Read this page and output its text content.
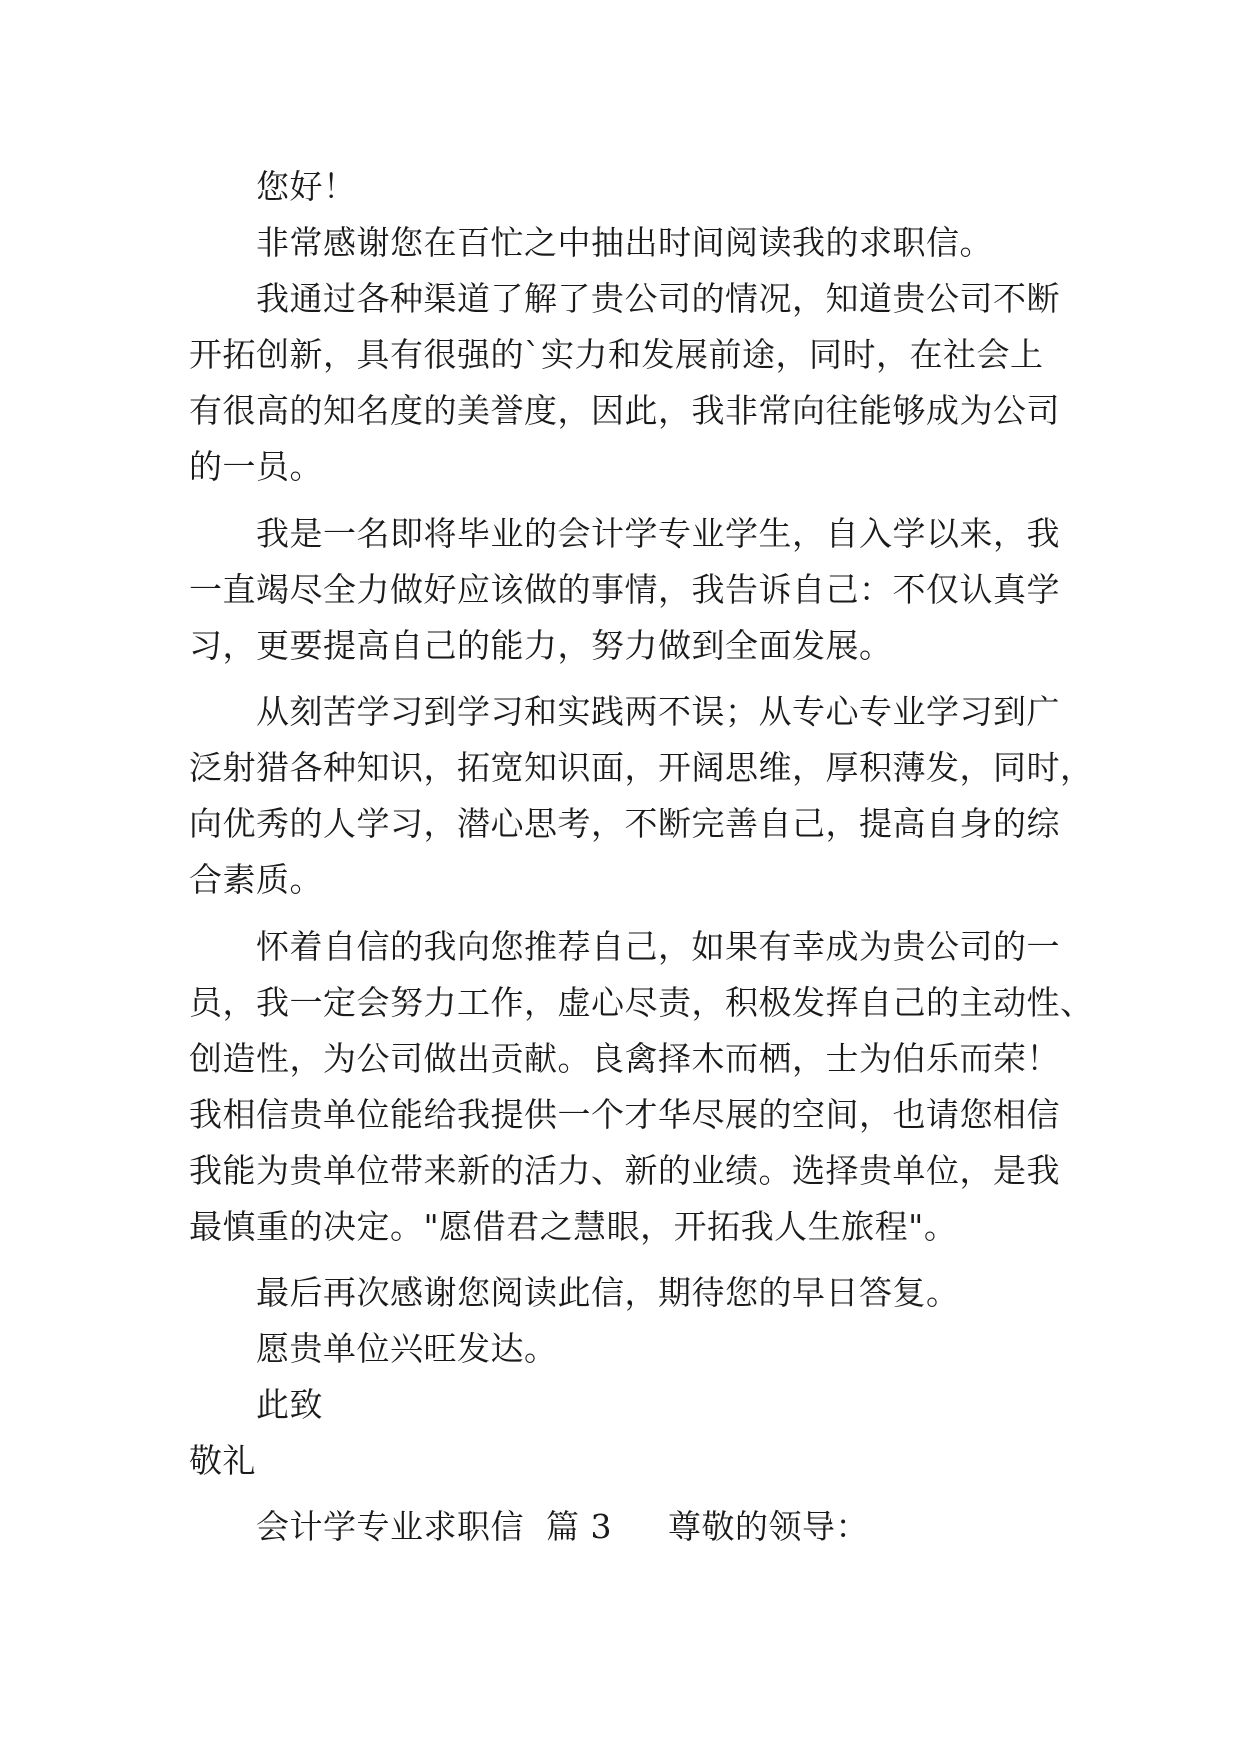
您好！
非常感谢您在百忙之中抽出时间阅读我的求职信。
我通过各种渠道了解了贵公司的情况，知道贵公司不断
开拓创新，具有很强的`实力和发展前途，同时，在社会上
有很高的知名度的美誉度，因此，我非常向往能够成为公司
的一员。
我是一名即将毕业的会计学专业学生，自入学以来，我
一直竭尽全力做好应该做的事情，我告诉自己：不仅认真学
习，更要提高自己的能力，努力做到全面发展。
从刻苦学习到学习和实践两不误；从专心专业学习到广
泛射猎各种知识，拓宽知识面，开阔思维，厚积薄发，同时，
向优秀的人学习，潜心思考，不断完善自己，提高自身的综
合素质。
怀着自信的我向您推荐自己，如果有幸成为贵公司的一
员，我一定会努力工作，虚心尽责，积极发挥自己的主动性、
创造性，为公司做出贡献。良禽择木而栖，士为伯乐而荣！
我相信贵单位能给我提供一个才华尽展的空间，也请您相信
我能为贵单位带来新的活力、新的业绩。选择贵单位，是我
最慎重的决定。"愿借君之慧眼，开拓我人生旅程"。
最后再次感谢您阅读此信，期待您的早日答复。
愿贵单位兴旺发达。
此致
敬礼
会计学专业求职信  篇 3 尊敬的领导：
